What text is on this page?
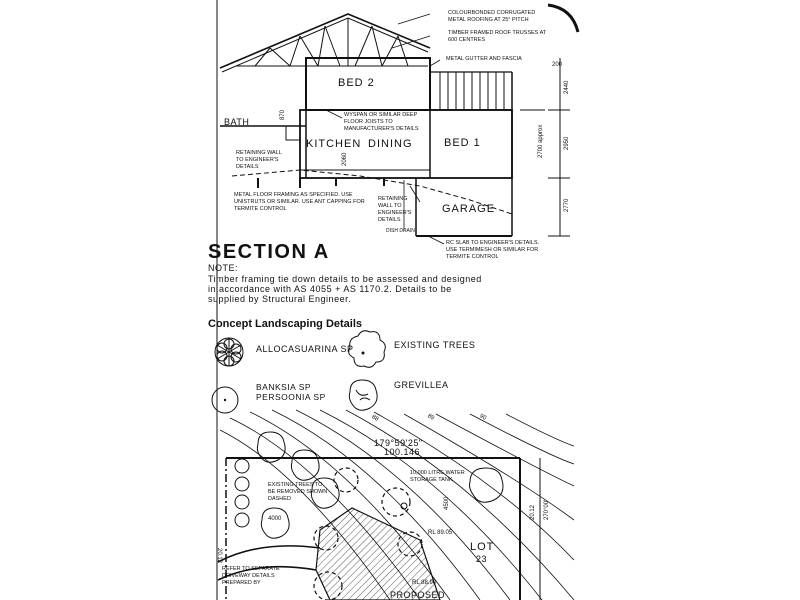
BED 2
BATH
KITCHEN DINING	BED 1
GARAGE
200
2440
2700 approx	2950
2770
870
2060
COLOURBONDED CORRUGATED METAL ROOFING AT 25° PITCH
TIMBER FRAMED ROOF TRUSSES AT 600 CENTRES
METAL GUTTER AND FASCIA
WYSPAN OR SIMILAR DEEP FLOOR JOISTS TO MANUFACTURER'S DETAILS
RETAINING WALL TO ENGINEER'S DETAILS
METAL FLOOR FRAMING AS SPECIFIED. USE UNISTRUTS OR SIMILAR. USE ANT CAPPING FOR TERMITE CONTROL
RETAINING WALL TO ENGINEER'S DETAILS
DISH DRAIN
RC SLAB TO ENGINEER'S DETAILS. USE TERMIMESH OR SIMILAR FOR TERMITE CONTROL
SECTION A
NOTE:
Timber framing tie down details to be assessed and designed
in accordance with AS 4055 + AS 1170.2. Details to be
supplied by Structural Engineer.
Concept Landscaping Details
ALLOCASUARINA SP	EXISTING TREES
BANKSIA SP
PERSOONIA SP
GREVILLEA
88	89	90
179°59'25"
100.146
20.12 270°00'
20.12
PROPOSED
10,000 LITRE WATER STORAGE TANK
EXISTING TREES TO BE REMOVED SHOWN DASHED
4000
4500
RL 89.05
RL 88.90
LOT
23
REFER TO SEPARATE DRIVEWAY DETAILS PREPARED BY
